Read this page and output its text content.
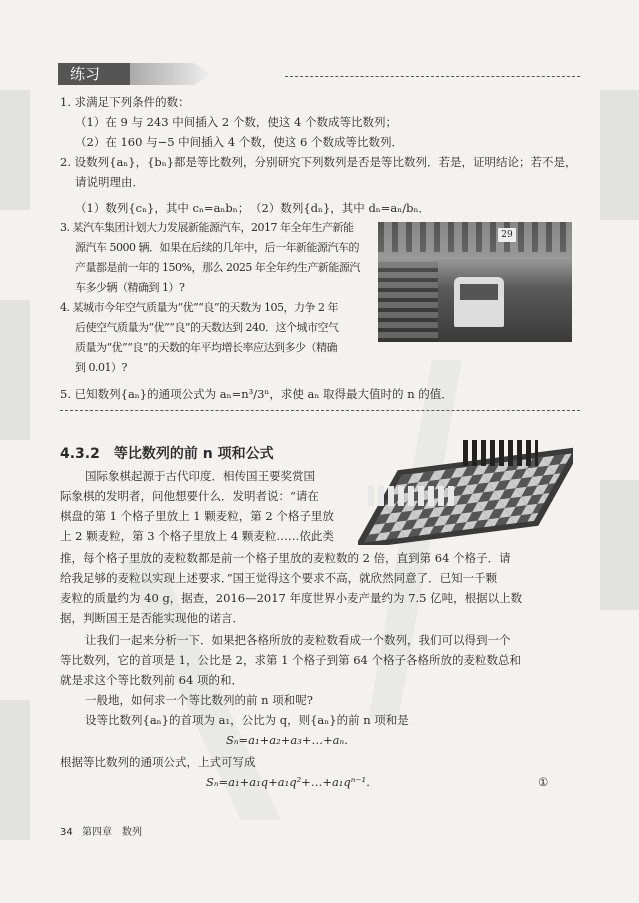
练习
1. 求满足下列条件的数：
（1）在 9 与 243 中间插入 2 个数，使这 4 个数成等比数列；
（2）在 160 与−5 中间插入 4 个数，使这 6 个数成等比数列．
2. 设数列{aₙ}，{bₙ}都是等比数列，分别研究下列数列是否是等比数列．若是，证明结论；若不是，
请说明理由．
（1）数列{cₙ}，其中 cₙ=aₙbₙ； （2）数列{dₙ}，其中 dₙ=aₙ/bₙ．
3. 某汽车集团计划大力发展新能源汽车，2017 年全年生产新能
源汽车 5000 辆．如果在后续的几年中，后一年新能源汽车的
产量都是前一年的 150%，那么 2025 年全年约生产新能源汽
车多少辆（精确到 1）?
4. 某城市今年空气质量为“优”“良”的天数为 105，力争 2 年
后使空气质量为“优”“良”的天数达到 240．这个城市空气
质量为“优”“良”的天数的年平均增长率应达到多少（精确
到 0.01）?
5. 已知数列{aₙ}的通项公式为 aₙ=n³/3ⁿ，求使 aₙ 取得最大值时的 n 的值．
29
4.3.2　等比数列的前 n 项和公式
国际象棋起源于古代印度．相传国王要奖赏国
际象棋的发明者，问他想要什么．发明者说：“请在
棋盘的第 1 个格子里放上 1 颗麦粒，第 2 个格子里放
上 2 颗麦粒，第 3 个格子里放上 4 颗麦粒……依此类
推，每个格子里放的麦粒数都是前一个格子里放的麦粒数的 2 倍，直到第 64 个格子．请
给我足够的麦粒以实现上述要求．”国王觉得这个要求不高，就欣然同意了．已知一千颗
麦粒的质量约为 40 g，据查，2016—2017 年度世界小麦产量约为 7.5 亿吨，根据以上数
据，判断国王是否能实现他的诺言．
让我们一起来分析一下．如果把各格所放的麦粒数看成一个数列，我们可以得到一个
等比数列，它的首项是 1，公比是 2，求第 1 个格子到第 64 个格子各格所放的麦粒数总和
就是求这个等比数列前 64 项的和．
一般地，如何求一个等比数列的前 n 项和呢?
设等比数列{aₙ}的首项为 a₁，公比为 q，则{aₙ}的前 n 项和是
Sₙ=a₁+a₂+a₃+…+aₙ．
根据等比数列的通项公式，上式可写成
Sₙ=a₁+a₁q+a₁q²+…+a₁qⁿ⁻¹．	①
34 第四章　数列
